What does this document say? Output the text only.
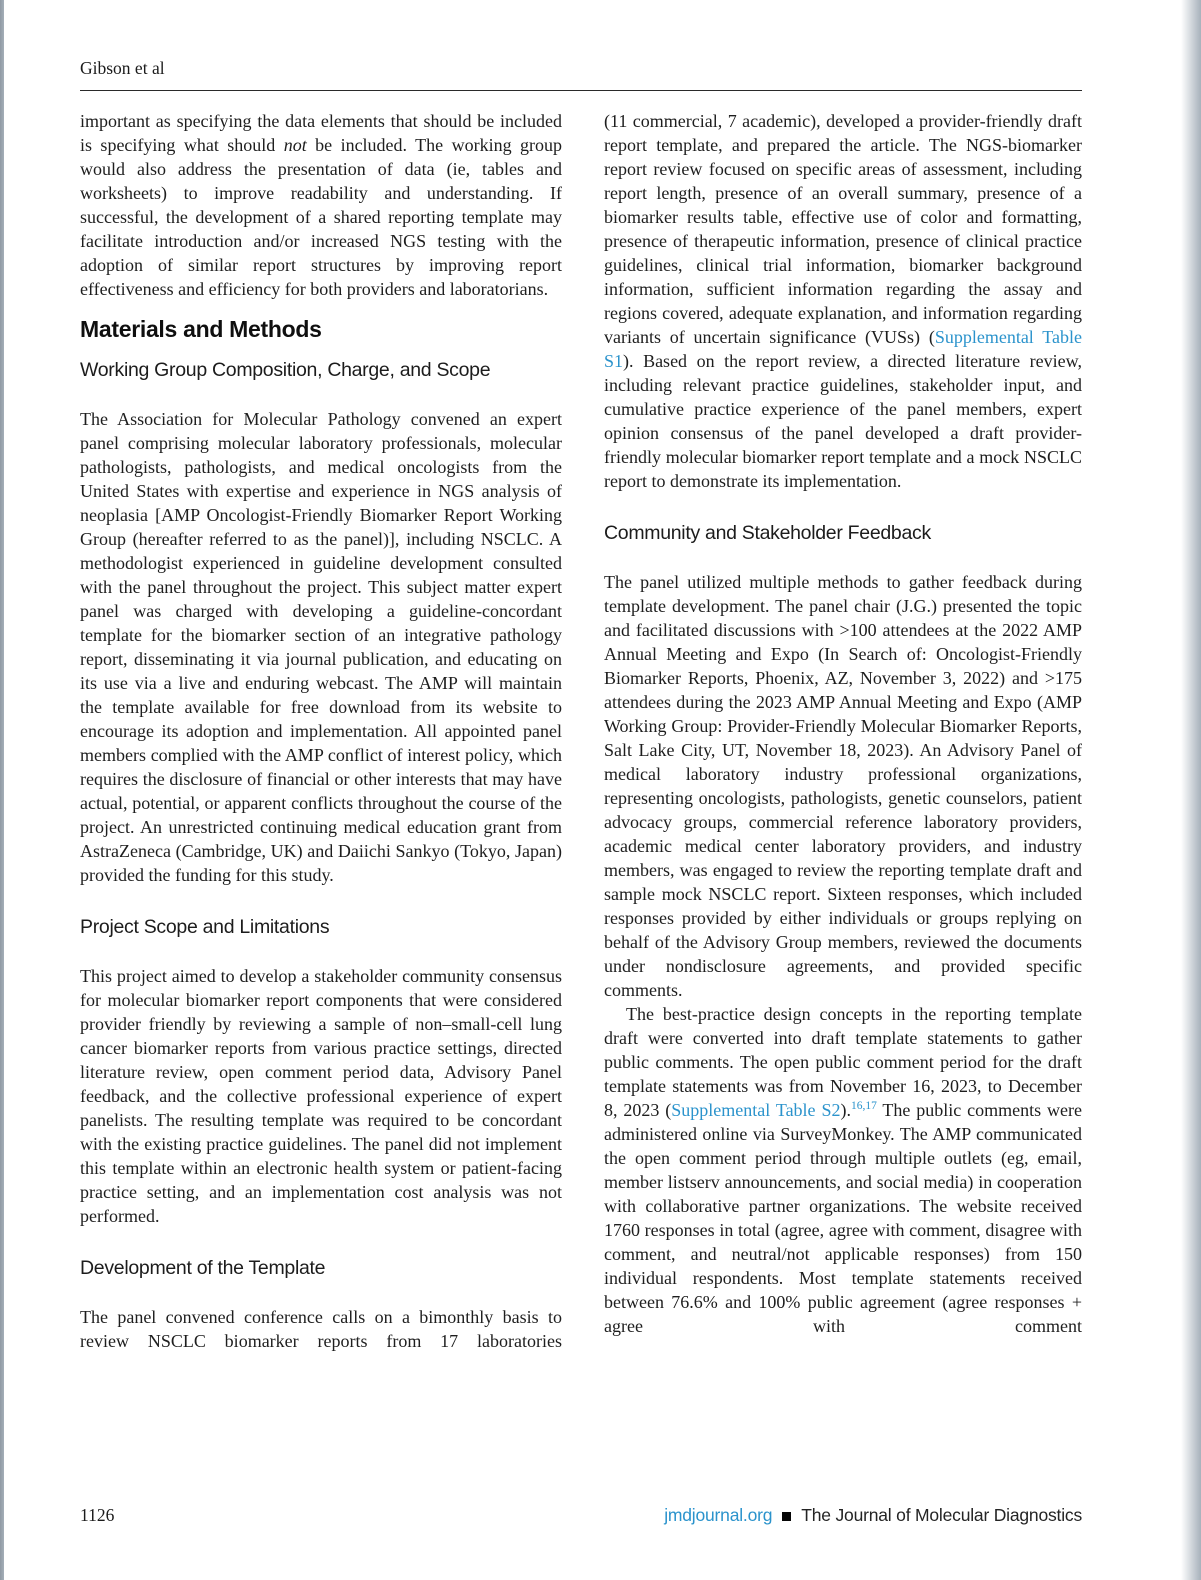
Gibson et al

important as specifying the data elements that should be included is specifying what should not be included. The working group would also address the presentation of data (ie, tables and worksheets) to improve readability and understanding. If successful, the development of a shared reporting template may facilitate introduction and/or increased NGS testing with the adoption of similar report structures by improving report effectiveness and efficiency for both providers and laboratorians.

Materials and Methods
Working Group Composition, Charge, and Scope

The Association for Molecular Pathology convened an expert panel comprising molecular laboratory professionals, molecular pathologists, pathologists, and medical oncologists from the United States with expertise and experience in NGS analysis of neoplasia [AMP Oncologist-Friendly Biomarker Report Working Group (hereafter referred to as the panel)], including NSCLC. A methodologist experienced in guideline development consulted with the panel throughout the project. This subject matter expert panel was charged with developing a guideline-concordant template for the biomarker section of an integrative pathology report, disseminating it via journal publication, and educating on its use via a live and enduring webcast. The AMP will maintain the template available for free download from its website to encourage its adoption and implementation. All appointed panel members complied with the AMP conflict of interest policy, which requires the disclosure of financial or other interests that may have actual, potential, or apparent conflicts throughout the course of the project. An unrestricted continuing medical education grant from AstraZeneca (Cambridge, UK) and Daiichi Sankyo (Tokyo, Japan) provided the funding for this study.

Project Scope and Limitations

This project aimed to develop a stakeholder community consensus for molecular biomarker report components that were considered provider friendly by reviewing a sample of non–small-cell lung cancer biomarker reports from various practice settings, directed literature review, open comment period data, Advisory Panel feedback, and the collective professional experience of expert panelists. The resulting template was required to be concordant with the existing practice guidelines. The panel did not implement this template within an electronic health system or patient-facing practice setting, and an implementation cost analysis was not performed.

Development of the Template

The panel convened conference calls on a bimonthly basis to review NSCLC biomarker reports from 17 laboratories

(11 commercial, 7 academic), developed a provider-friendly draft report template, and prepared the article. The NGS-biomarker report review focused on specific areas of assessment, including report length, presence of an overall summary, presence of a biomarker results table, effective use of color and formatting, presence of therapeutic information, presence of clinical practice guidelines, clinical trial information, biomarker background information, sufficient information regarding the assay and regions covered, adequate explanation, and information regarding variants of uncertain significance (VUSs) (Supplemental Table S1). Based on the report review, a directed literature review, including relevant practice guidelines, stakeholder input, and cumulative practice experience of the panel members, expert opinion consensus of the panel developed a draft provider-friendly molecular biomarker report template and a mock NSCLC report to demonstrate its implementation.

Community and Stakeholder Feedback

The panel utilized multiple methods to gather feedback during template development. The panel chair (J.G.) presented the topic and facilitated discussions with >100 attendees at the 2022 AMP Annual Meeting and Expo (In Search of: Oncologist-Friendly Biomarker Reports, Phoenix, AZ, November 3, 2022) and >175 attendees during the 2023 AMP Annual Meeting and Expo (AMP Working Group: Provider-Friendly Molecular Biomarker Reports, Salt Lake City, UT, November 18, 2023). An Advisory Panel of medical laboratory industry professional organizations, representing oncologists, pathologists, genetic counselors, patient advocacy groups, commercial reference laboratory providers, academic medical center laboratory providers, and industry members, was engaged to review the reporting template draft and sample mock NSCLC report. Sixteen responses, which included responses provided by either individuals or groups replying on behalf of the Advisory Group members, reviewed the documents under nondisclosure agreements, and provided specific comments.

The best-practice design concepts in the reporting template draft were converted into draft template statements to gather public comments. The open public comment period for the draft template statements was from November 16, 2023, to December 8, 2023 (Supplemental Table S2).$^{16,17}$ The public comments were administered online via SurveyMonkey. The AMP communicated the open comment period through multiple outlets (eg, email, member listserv announcements, and social media) in cooperation with collaborative partner organizations. The website received 1760 responses in total (agree, agree with comment, disagree with comment, and neutral/not applicable responses) from 150 individual respondents. Most template statements received between 76.6% and 100% public agreement (agree responses + agree with comment

1126	jmdjournal.org The Journal of Molecular Diagnostics
